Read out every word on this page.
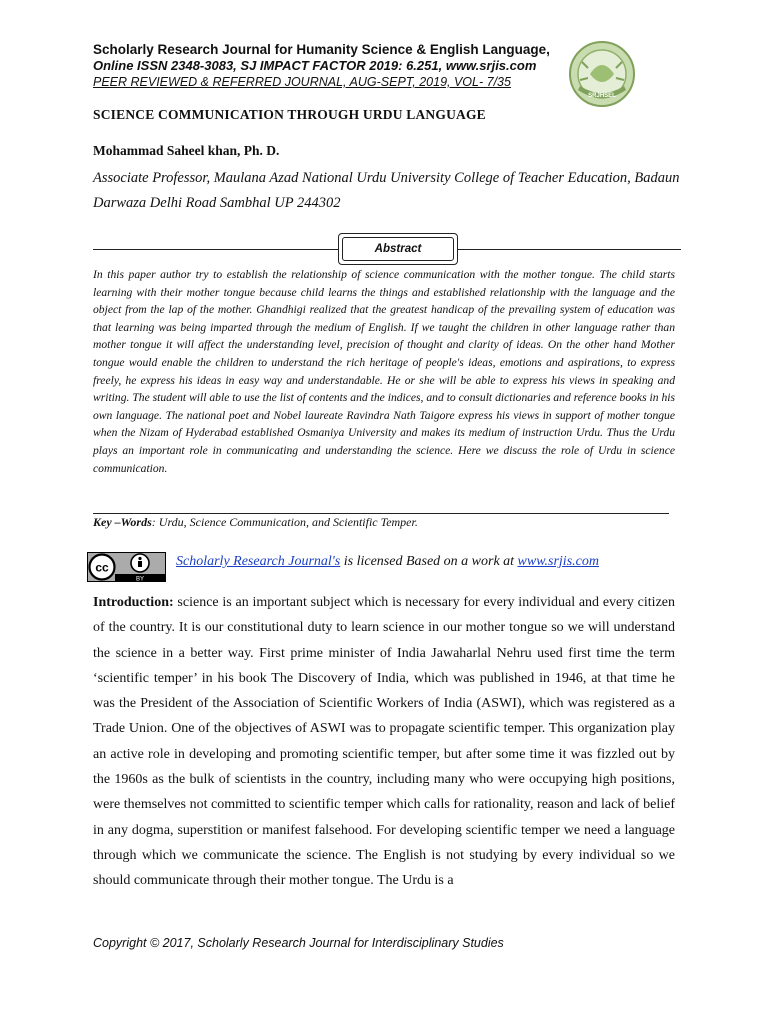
Scholarly Research Journal for Humanity Science & English Language,
Online ISSN 2348-3083, SJ IMPACT FACTOR 2019: 6.251, www.srjis.com
PEER REVIEWED & REFERRED JOURNAL, AUG-SEPT, 2019, VOL- 7/35
SRJHSEL
SCIENCE COMMUNICATION THROUGH URDU LANGUAGE
Mohammad Saheel khan, Ph. D.
Associate Professor, Maulana Azad National Urdu University College of Teacher Education, Badaun Darwaza Delhi Road Sambhal UP 244302
Abstract
In this paper author try to establish the relationship of science communication with the mother tongue. The child starts learning with their mother tongue because child learns the things and established relationship with the language and the object from the lap of the mother. Ghandhigi realized that the greatest handicap of the prevailing system of education was that learning was being imparted through the medium of English. If we taught the children in other language rather than mother tongue it will affect the understanding level, precision of thought and clarity of ideas. On the other hand Mother tongue would enable the children to understand the rich heritage of people's ideas, emotions and aspirations, to express freely, he express his ideas in easy way and understandable. He or she will be able to express his views in speaking and writing. The student will able to use the list of contents and the indices, and to consult dictionaries and reference books in his own language. The national poet and Nobel laureate Ravindra Nath Taigore express his views in support of mother tongue when the Nizam of Hyderabad established Osmaniya University and makes its medium of instruction Urdu. Thus the Urdu plays an important role in communicating and understanding the science. Here we discuss the role of Urdu in science communication.
Key –Words: Urdu, Science Communication, and Scientific Temper.
cc
BY
Scholarly Research Journal's is licensed Based on a work at www.srjis.com
Introduction: science is an important subject which is necessary for every individual and every citizen of the country. It is our constitutional duty to learn science in our mother tongue so we will understand the science in a better way. First prime minister of India Jawaharlal Nehru used first time the term ‘scientific temper’ in his book The Discovery of India, which was published in 1946, at that time he was the President of the Association of Scientific Workers of India (ASWI), which was registered as a Trade Union. One of the objectives of ASWI was to propagate scientific temper. This organization play an active role in developing and promoting scientific temper, but after some time it was fizzled out by the 1960s as the bulk of scientists in the country, including many who were occupying high positions, were themselves not committed to scientific temper which calls for rationality, reason and lack of belief in any dogma, superstition or manifest falsehood. For developing scientific temper we need a language through which we communicate the science. The English is not studying by every individual so we should communicate through their mother tongue. The Urdu is a
Copyright © 2017, Scholarly Research Journal for Interdisciplinary Studies
